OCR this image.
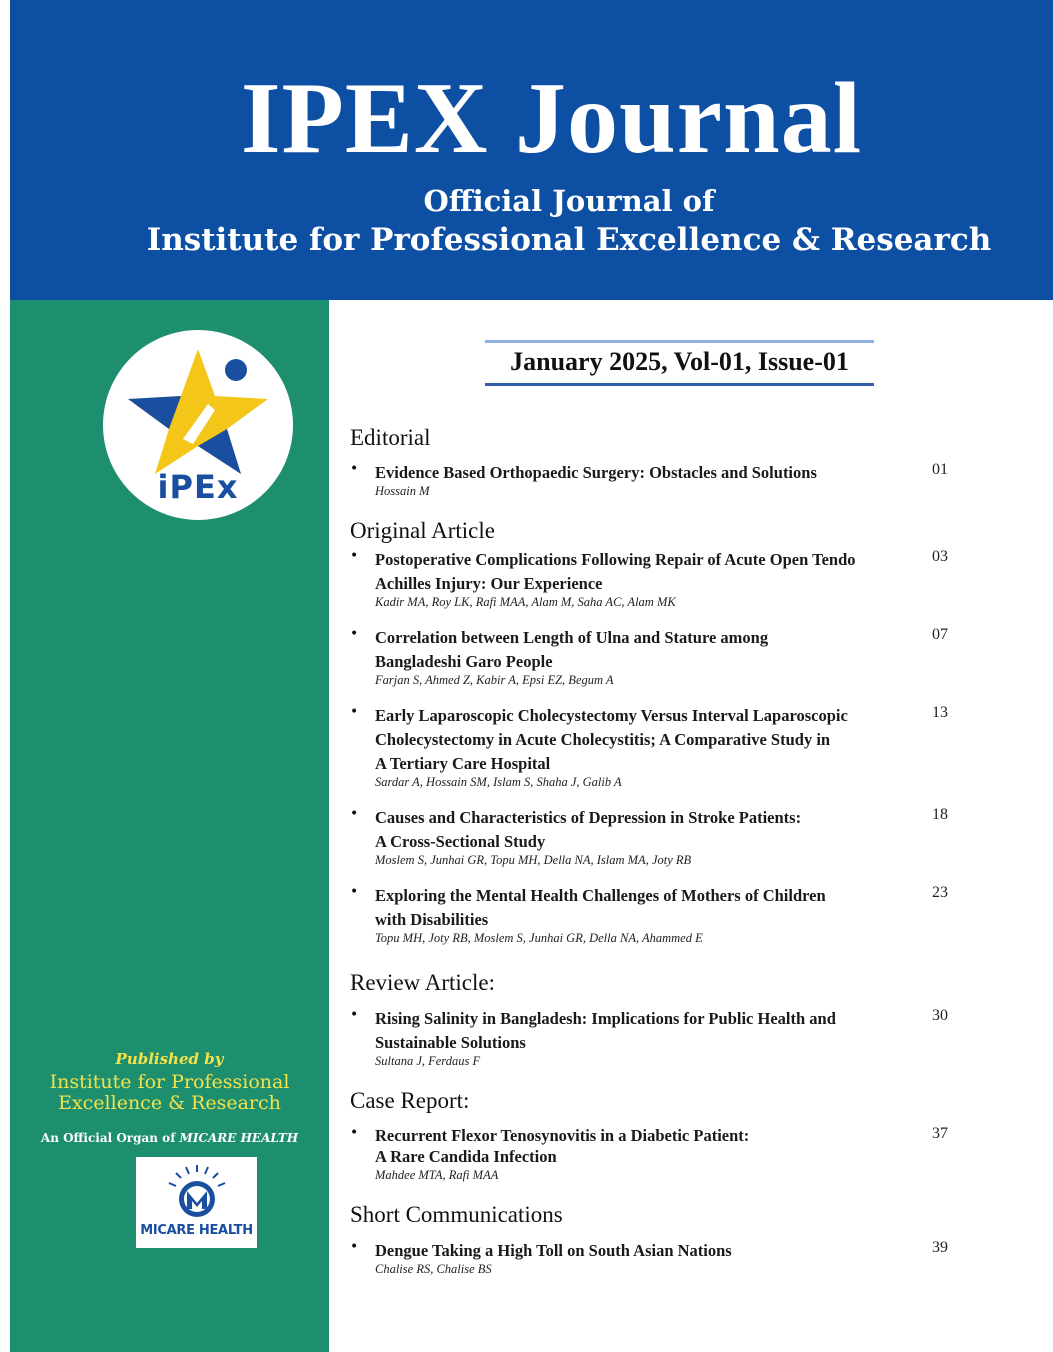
IPEX Journal
Official Journal of
Institute for Professional Excellence & Research
iPEx
Published by
Institute for Professional
Excellence & Research
An Official Organ of MICARE HEALTH
MICARE HEALTH
January 2025, Vol-01, Issue-01
Editorial
• Evidence Based Orthopaedic Surgery: Obstacles and Solutions
Hossain M
01
Original Article
• Postoperative Complications Following Repair of Acute Open Tendo
Achilles Injury: Our Experience
Kadir MA, Roy LK, Rafi MAA, Alam M, Saha AC, Alam MK
03
• Correlation between Length of Ulna and Stature among
Bangladeshi Garo People
Farjan S, Ahmed Z, Kabir A, Epsi EZ, Begum A
07
• Early Laparoscopic Cholecystectomy Versus Interval Laparoscopic
Cholecystectomy in Acute Cholecystitis; A Comparative Study in
A Tertiary Care Hospital
Sardar A, Hossain SM, Islam S, Shaha J, Galib A
13
• Causes and Characteristics of Depression in Stroke Patients:
A Cross-Sectional Study
Moslem S, Junhai GR, Topu MH, Della NA, Islam MA, Joty RB
18
• Exploring the Mental Health Challenges of Mothers of Children
with Disabilities
Topu MH, Joty RB, Moslem S, Junhai GR, Della NA, Ahammed E
23
Review Article:
• Rising Salinity in Bangladesh: Implications for Public Health and
Sustainable Solutions
Sultana J, Ferdaus F
30
Case Report:
• Recurrent Flexor Tenosynovitis in a Diabetic Patient:
A Rare Candida Infection
Mahdee MTA, Rafi MAA
37
Short Communications
• Dengue Taking a High Toll on South Asian Nations
Chalise RS, Chalise BS
39
